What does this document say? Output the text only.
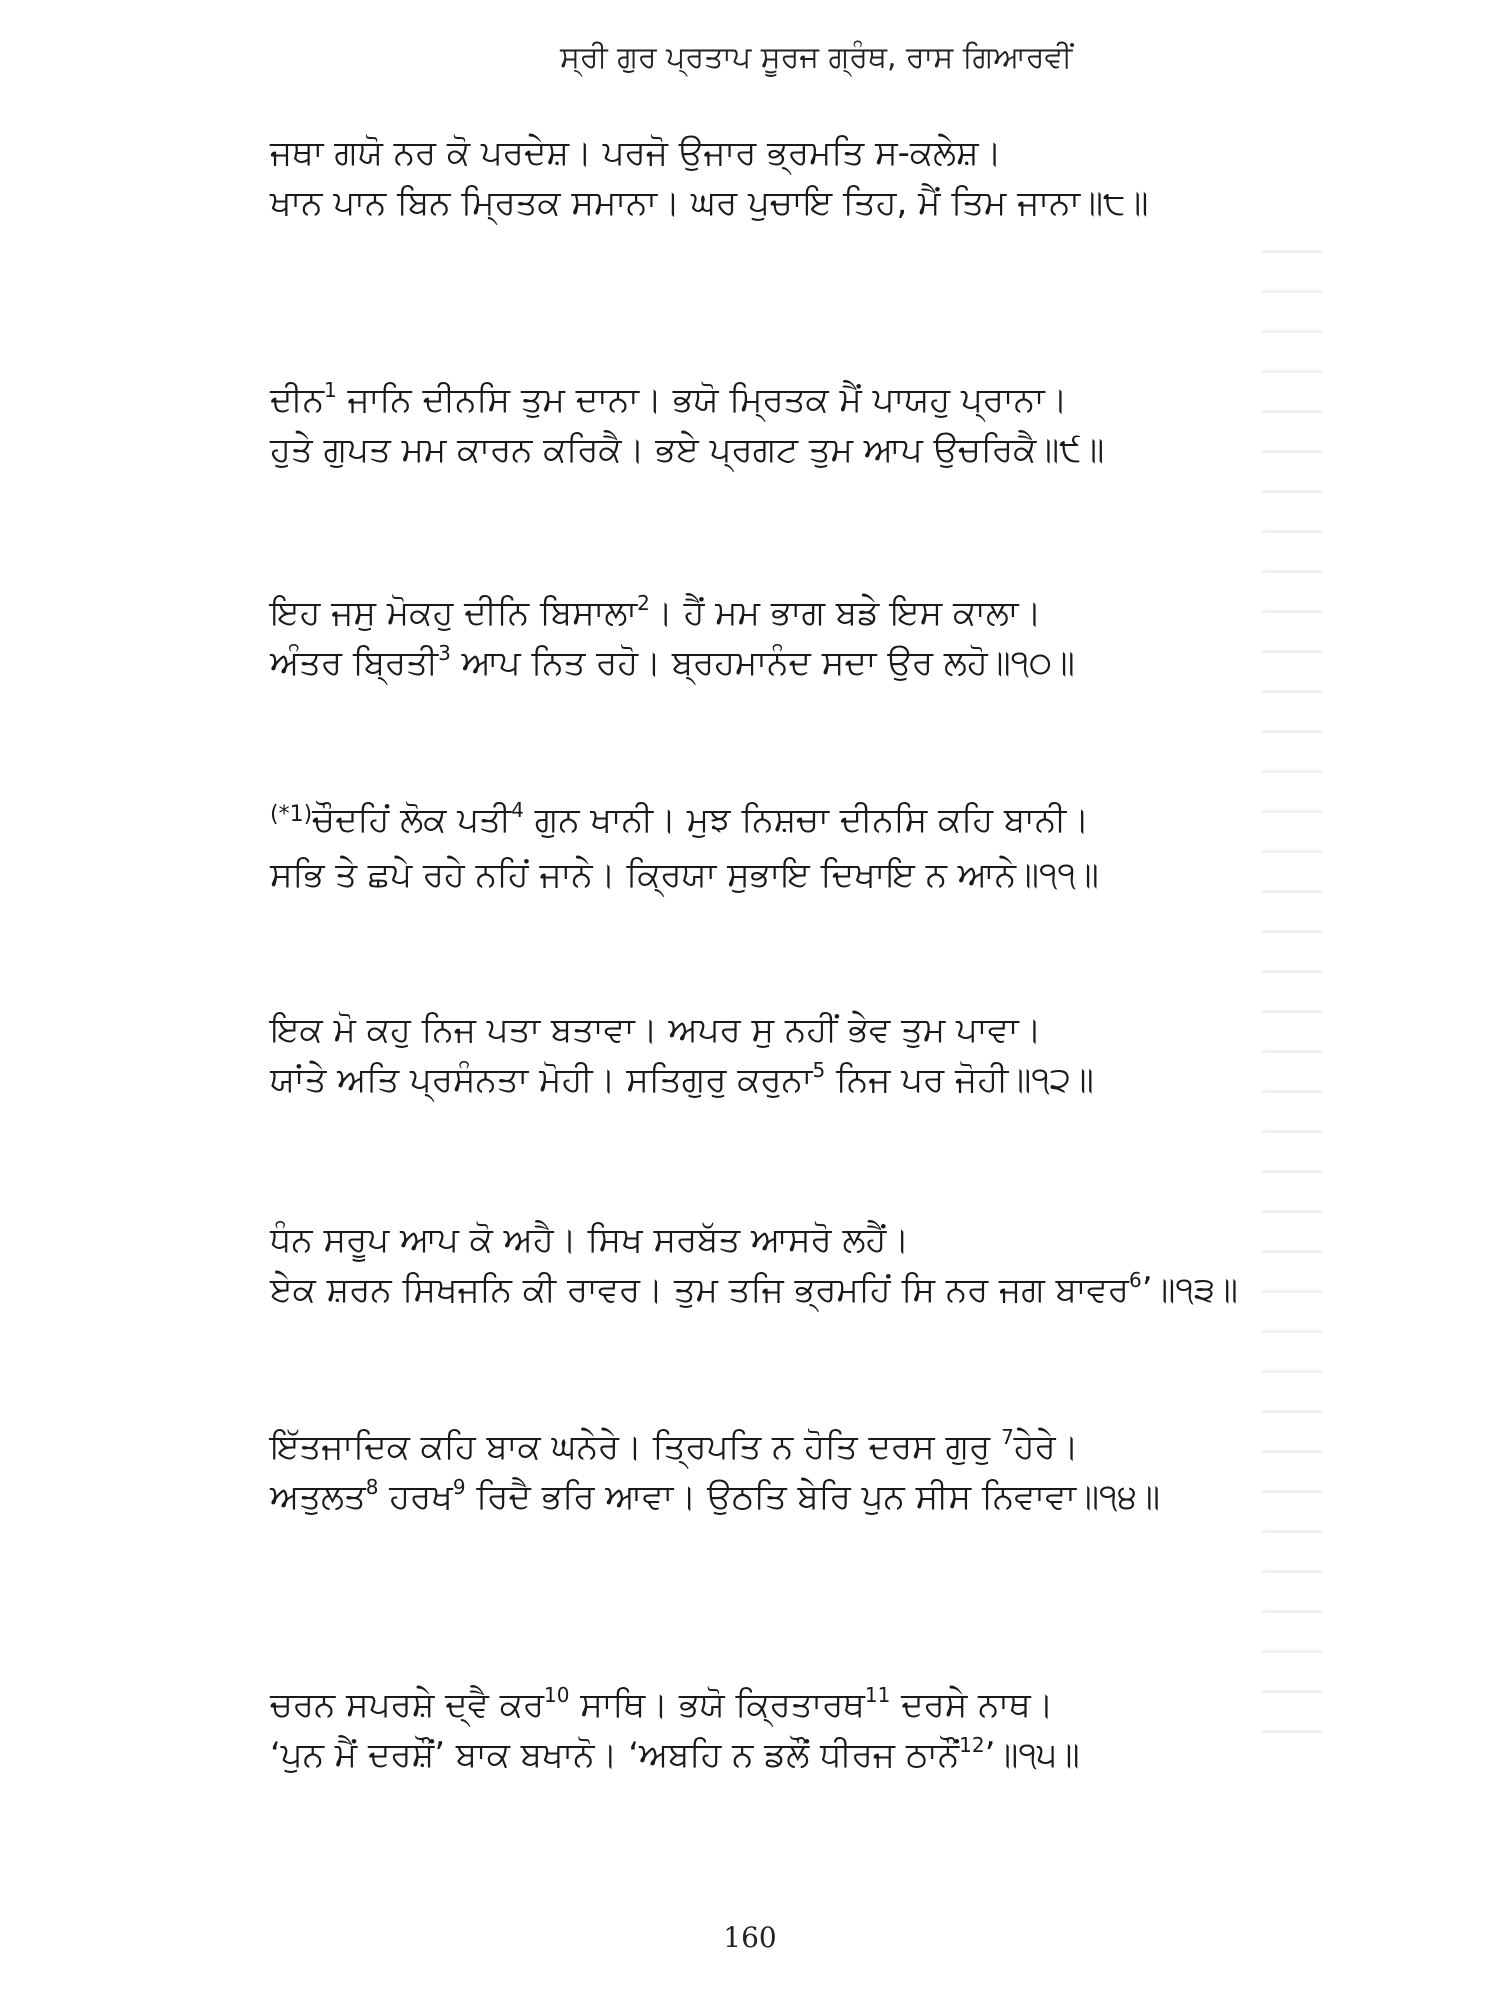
ਸ੍ਰੀ ਗੁਰ ਪ੍ਰਤਾਪ ਸੂਰਜ ਗ੍ਰੰਥ, ਰਾਸ ਗਿਆਰਵੀਂ
ਜਥਾ ਗਯੋ ਨਰ ਕੋ ਪਰਦੇਸ਼। ਪਰਜੋ ਉਜਾਰ ਭ੍ਰਮਤਿ ਸ-ਕਲੇਸ਼।
ਖਾਨ ਪਾਨ ਬਿਨ ਮ੍ਰਿਤਕ ਸਮਾਨਾ। ਘਰ ਪੁਚਾਇ ਤਿਹ, ਮੈਂ ਤਿਮ ਜਾਨਾ॥੮॥
ਦੀਨ$^1$ ਜਾਨਿ ਦੀਨਸਿ ਤੁਮ ਦਾਨਾ। ਭਯੋ ਮ੍ਰਿਤਕ ਮੈਂ ਪਾਯਹੁ ਪ੍ਰਾਨਾ।
ਹੁਤੇ ਗੁਪਤ ਮਮ ਕਾਰਨ ਕਰਿਕੈ। ਭਏ ਪ੍ਰਗਟ ਤੁਮ ਆਪ ਉਚਰਿਕੈ॥੯॥
ਇਹ ਜਸੁ ਮੋਕਹੁ ਦੀਨਿ ਬਿਸਾਲਾ$^2$। ਹੈਂ ਮਮ ਭਾਗ ਬਡੇ ਇਸ ਕਾਲਾ।
ਅੰਤਰ ਬ੍ਰਿਤੀ$^3$ ਆਪ ਨਿਤ ਰਹੋ। ਬ੍ਰਹਮਾਨੰਦ ਸਦਾ ਉਰ ਲਹੋ॥੧੦॥
$^{(*1)}$ਚੌਦਹਿਂ ਲੋਕ ਪਤੀ$^4$ ਗੁਨ ਖਾਨੀ। ਮੁਝ ਨਿਸ਼ਚਾ ਦੀਨਸਿ ਕਹਿ ਬਾਨੀ।
ਸਭਿ ਤੇ ਛਪੇ ਰਹੇ ਨਹਿਂ ਜਾਨੇ। ਕ੍ਰਿਯਾ ਸੁਭਾਇ ਦਿਖਾਇ ਨ ਆਨੇ॥੧੧॥
ਇਕ ਮੋ ਕਹੁ ਨਿਜ ਪਤਾ ਬਤਾਵਾ। ਅਪਰ ਸੁ ਨਹੀਂ ਭੇਵ ਤੁਮ ਪਾਵਾ।
ਯਾਂਤੇ ਅਤਿ ਪ੍ਰਸੰਨਤਾ ਮੋਹੀ। ਸਤਿਗੁਰੁ ਕਰੁਨਾ$^5$ ਨਿਜ ਪਰ ਜੋਹੀ॥੧੨॥
ਧੰਨ ਸਰੂਪ ਆਪ ਕੋ ਅਹੈ। ਸਿਖ ਸਰਬੱਤ ਆਸਰੋ ਲਹੈਂ।
ਏਕ ਸ਼ਰਨ ਸਿਖਜਨਿ ਕੀ ਰਾਵਰ। ਤੁਮ ਤਜਿ ਭ੍ਰਮਹਿਂ ਸਿ ਨਰ ਜਗ ਬਾਵਰ$^6$’॥੧੩॥
ਇੱਤਜਾਦਿਕ ਕਹਿ ਬਾਕ ਘਨੇਰੇ। ਤ੍ਰਿਪਤਿ ਨ ਹੋਤਿ ਦਰਸ ਗੁਰੁ $^7$ਹੇਰੇ।
ਅਤੁਲਤ$^8$ ਹਰਖ$^9$ ਰਿਦੈ ਭਰਿ ਆਵਾ। ਉਠਤਿ ਬੇਰਿ ਪੁਨ ਸੀਸ ਨਿਵਾਵਾ॥੧੪॥
ਚਰਨ ਸਪਰਸ਼ੇ ਦ੍ਵੈ ਕਰ$^{10}$ ਸਾਥਿ। ਭਯੋ ਕ੍ਰਿਤਾਰਥ$^{11}$ ਦਰਸੇ ਨਾਥ।
‘ਪੁਨ ਮੈਂ ਦਰਸ਼ੌਂ’ ਬਾਕ ਬਖਾਨੋ। ‘ਅਬਹਿ ਨ ਡਲੌਂ ਧੀਰਜ ਠਾਨੌਂ$^{12}$’॥੧੫॥
160
